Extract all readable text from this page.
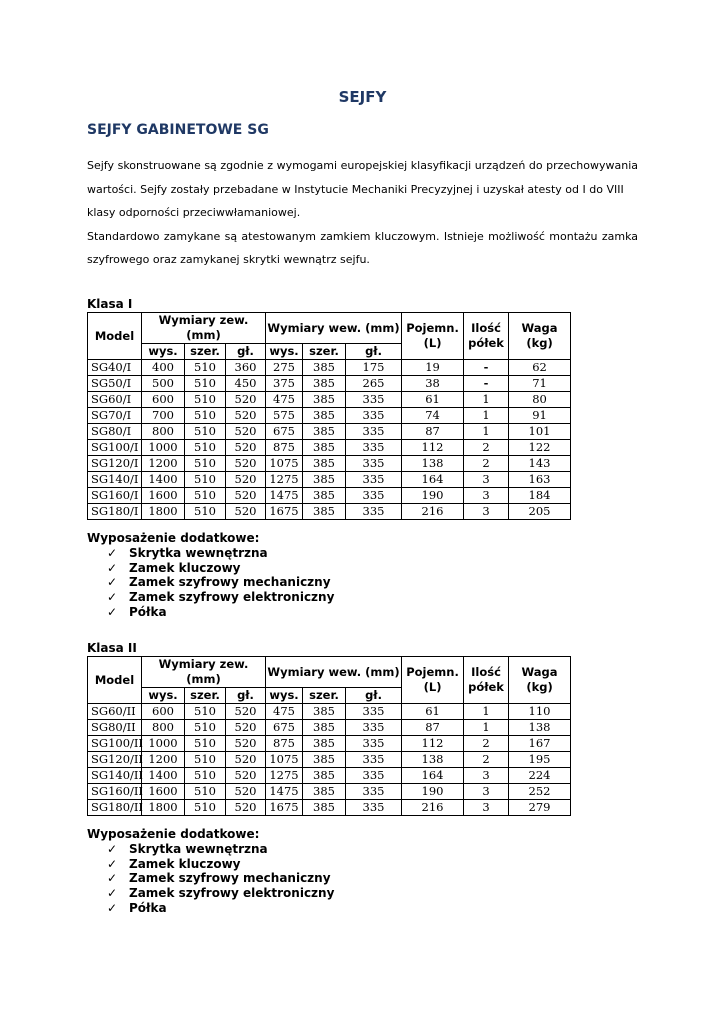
SEJFY
SEJFY GABINETOWE SG

Sejfy skonstruowane są zgodnie z wymogami europejskiej klasyfikacji urządzeń do przechowywania

wartości. Sejfy zostały przebadane w Instytucie Mechaniki Precyzyjnej i uzyskał atesty od I do VIII

klasy odporności przeciwwłamaniowej.

Standardowo zamykane są atestowanym zamkiem kluczowym. Istnieje możliwość montażu zamka

szyfrowego oraz zamykanej skrytki wewnątrz sejfu.

Klasa I
Model	Wymiary zew. (mm)			Wymiary wew. (mm)			Pojemn. (L)	Ilość półek	Waga (kg)
	wys.	szer.	gł.	wys.	szer.	gł.			
SG40/I	400	510	360	275	385	175	19	-	62
SG50/I	500	510	450	375	385	265	38	-	71
SG60/I	600	510	520	475	385	335	61	1	80
SG70/I	700	510	520	575	385	335	74	1	91
SG80/I	800	510	520	675	385	335	87	1	101
SG100/I	1000	510	520	875	385	335	112	2	122
SG120/I	1200	510	520	1075	385	335	138	2	143
SG140/I	1400	510	520	1275	385	335	164	3	163
SG160/I	1600	510	520	1475	385	335	190	3	184
SG180/I	1800	510	520	1675	385	335	216	3	205
Wyposażenie dodatkowe:
✓ Skrytka wewnętrzna
✓ Zamek kluczowy
✓ Zamek szyfrowy mechaniczny
✓ Zamek szyfrowy elektroniczny
✓ Półka
Klasa II
Model	Wymiary zew. (mm)			Wymiary wew. (mm)			Pojemn. (L)	Ilość półek	Waga (kg)
	wys.	szer.	gł.	wys.	szer.	gł.			
SG60/II	600	510	520	475	385	335	61	1	110
SG80/II	800	510	520	675	385	335	87	1	138
SG100/II	1000	510	520	875	385	335	112	2	167
SG120/II	1200	510	520	1075	385	335	138	2	195
SG140/II	1400	510	520	1275	385	335	164	3	224
SG160/II	1600	510	520	1475	385	335	190	3	252
SG180/II	1800	510	520	1675	385	335	216	3	279
Wyposażenie dodatkowe:
✓ Skrytka wewnętrzna
✓ Zamek kluczowy
✓ Zamek szyfrowy mechaniczny
✓ Zamek szyfrowy elektroniczny
✓ Półka
